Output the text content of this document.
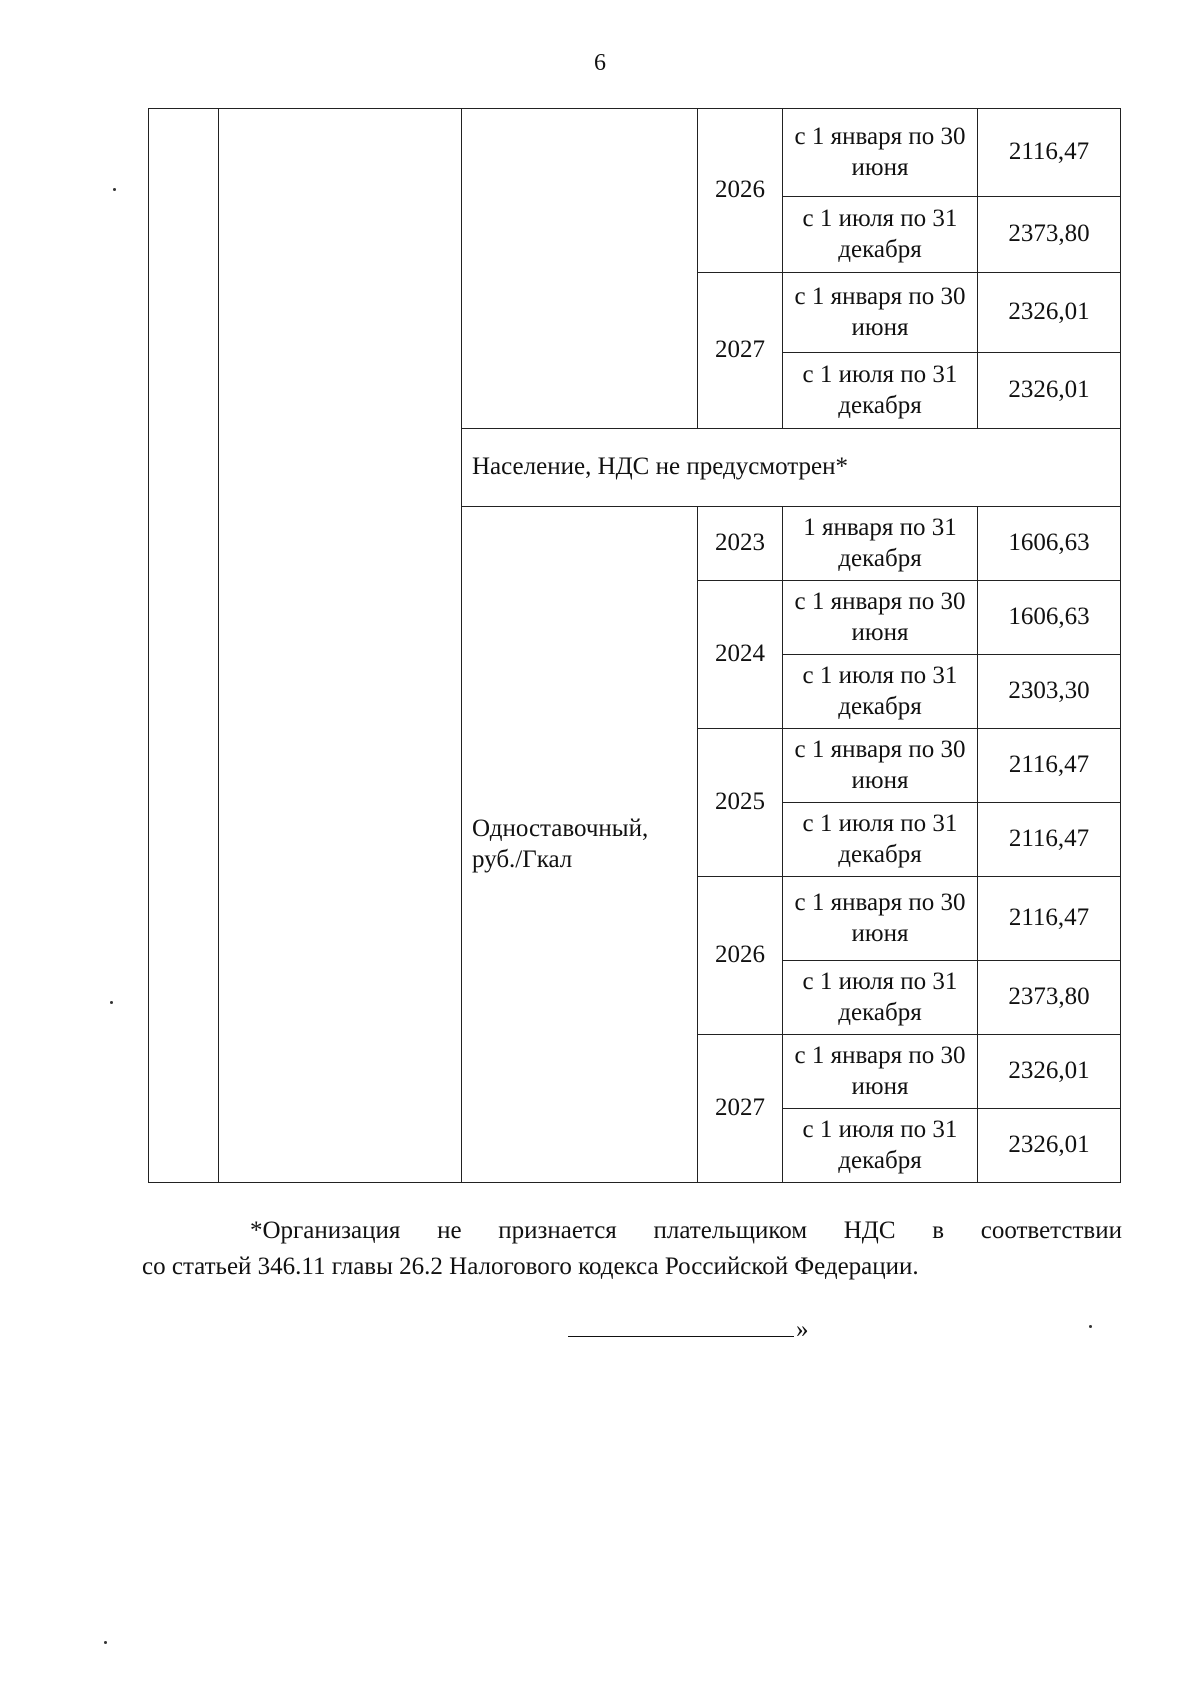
6
			2026	с 1 января по 30 июня	2116,47
				с 1 июля по 31 декабря	2373,80
			2027	с 1 января по 30 июня	2326,01
				с 1 июля по 31 декабря	2326,01
		Население, НДС не предусмотрен*			
		Одноставочный, руб./Гкал	2023	1 января по 31 декабря	1606,63
			2024	с 1 января по 30 июня	1606,63
				с 1 июля по 31 декабря	2303,30
			2025	с 1 января по 30 июня	2116,47
				с 1 июля по 31 декабря	2116,47
			2026	с 1 января по 30 июня	2116,47
				с 1 июля по 31 декабря	2373,80
			2027	с 1 января по 30 июня	2326,01
				с 1 июля по 31 декабря	2326,01
*Организация не признается плательщиком НДС в соответствии
со статьей 346.11 главы 26.2 Налогового кодекса Российской Федерации.
»
